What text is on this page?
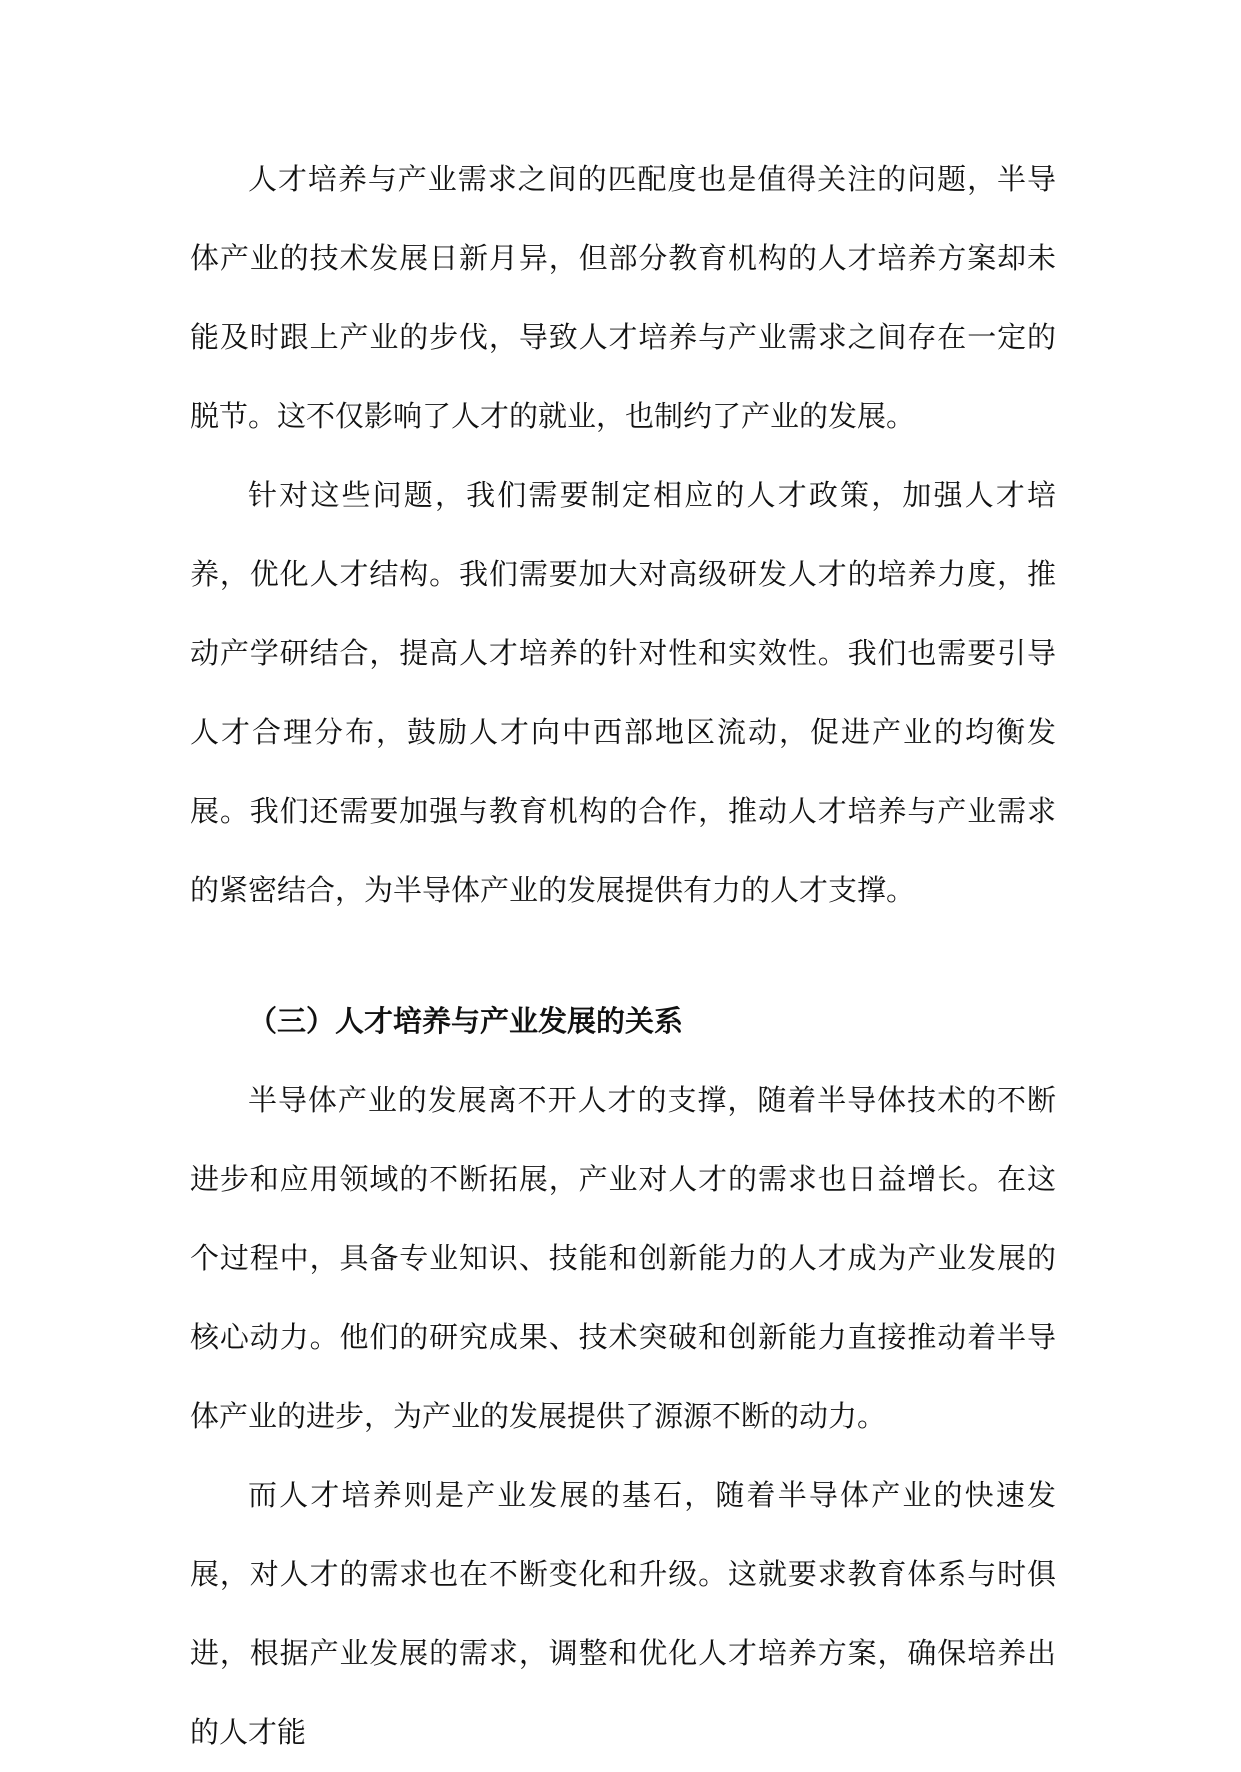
人才培养与产业需求之间的匹配度也是值得关注的问题，半导体产业的技术发展日新月异，但部分教育机构的人才培养方案却未能及时跟上产业的步伐，导致人才培养与产业需求之间存在一定的脱节。这不仅影响了人才的就业，也制约了产业的发展。

针对这些问题，我们需要制定相应的人才政策，加强人才培养，优化人才结构。我们需要加大对高级研发人才的培养力度，推动产学研结合，提高人才培养的针对性和实效性。我们也需要引导人才合理分布，鼓励人才向中西部地区流动，促进产业的均衡发展。我们还需要加强与教育机构的合作，推动人才培养与产业需求的紧密结合，为半导体产业的发展提供有力的人才支撑。

（三）人才培养与产业发展的关系

半导体产业的发展离不开人才的支撑，随着半导体技术的不断进步和应用领域的不断拓展，产业对人才的需求也日益增长。在这个过程中，具备专业知识、技能和创新能力的人才成为产业发展的核心动力。他们的研究成果、技术突破和创新能力直接推动着半导体产业的进步，为产业的发展提供了源源不断的动力。

而人才培养则是产业发展的基石，随着半导体产业的快速发展，对人才的需求也在不断变化和升级。这就要求教育体系与时俱进，根据产业发展的需求，调整和优化人才培养方案，确保培养出的人才能
